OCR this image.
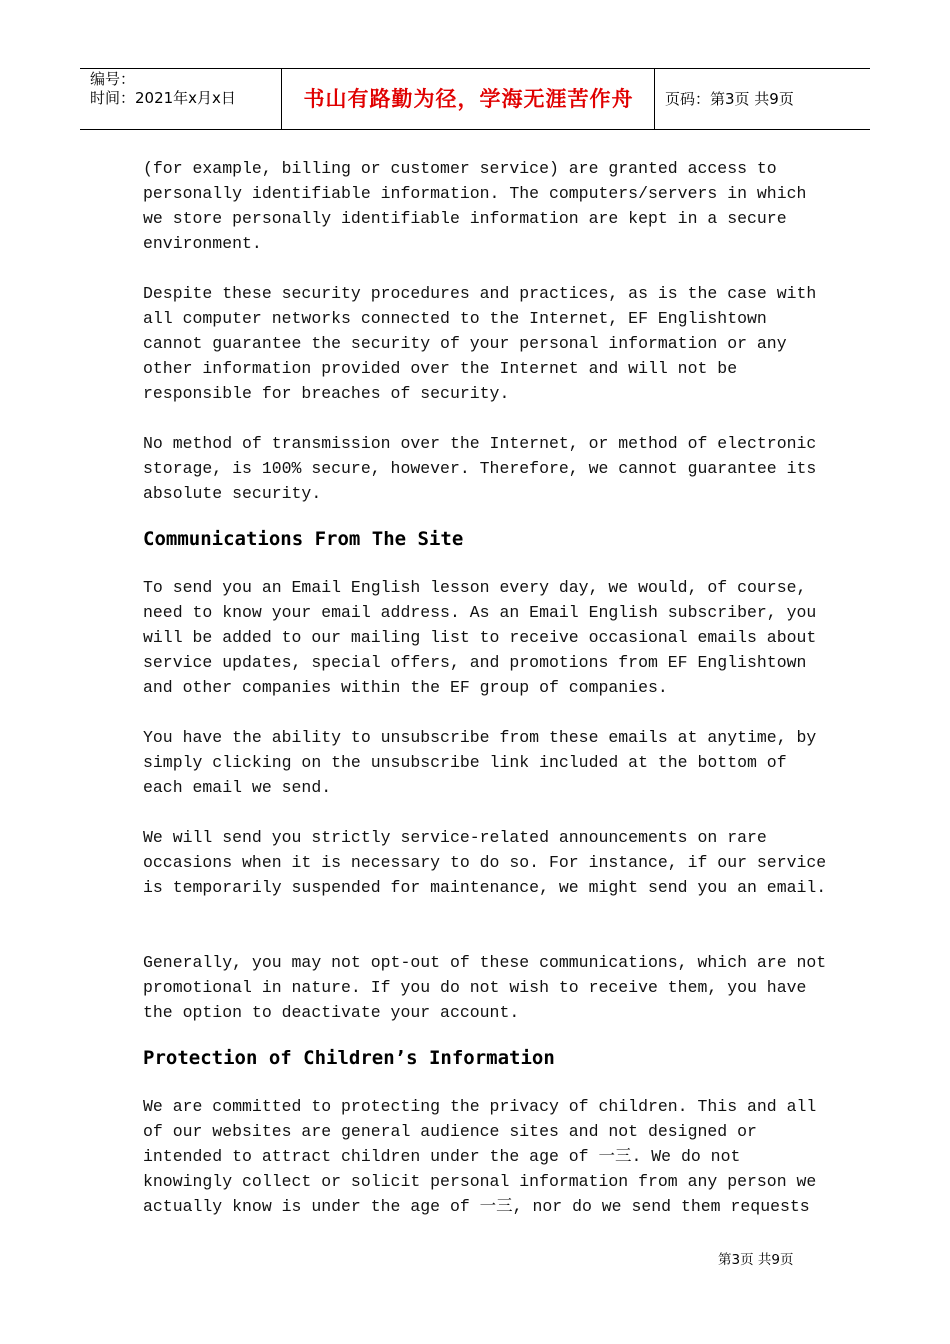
编号：
时间：2021年x月x日	书山有路勤为径，学海无涯苦作舟	页码：第3页 共9页

(for example, billing or customer service) are granted access to
personally identifiable information. The computers/servers in which
we store personally identifiable information are kept in a secure
environment.

Despite these security procedures and practices, as is the case with
all computer networks connected to the Internet, EF Englishtown
cannot guarantee the security of your personal information or any
other information provided over the Internet and will not be
responsible for breaches of security.

No method of transmission over the Internet, or method of electronic
storage, is 100% secure, however. Therefore, we cannot guarantee its
absolute security.

Communications From The Site

To send you an Email English lesson every day, we would, of course,
need to know your email address. As an Email English subscriber, you
will be added to our mailing list to receive occasional emails about
service updates, special offers, and promotions from EF Englishtown
and other companies within the EF group of companies.

You have the ability to unsubscribe from these emails at anytime, by
simply clicking on the unsubscribe link included at the bottom of
each email we send.

We will send you strictly service-related announcements on rare
occasions when it is necessary to do so. For instance, if our service
is temporarily suspended for maintenance, we might send you an email.

Generally, you may not opt-out of these communications, which are not
promotional in nature. If you do not wish to receive them, you have
the option to deactivate your account.

Protection of Children’s Information

We are committed to protecting the privacy of children. This and all
of our websites are general audience sites and not designed or
intended to attract children under the age of 一三. We do not
knowingly collect or solicit personal information from any person we
actually know is under the age of 一三, nor do we send them requests

第3页 共9页
